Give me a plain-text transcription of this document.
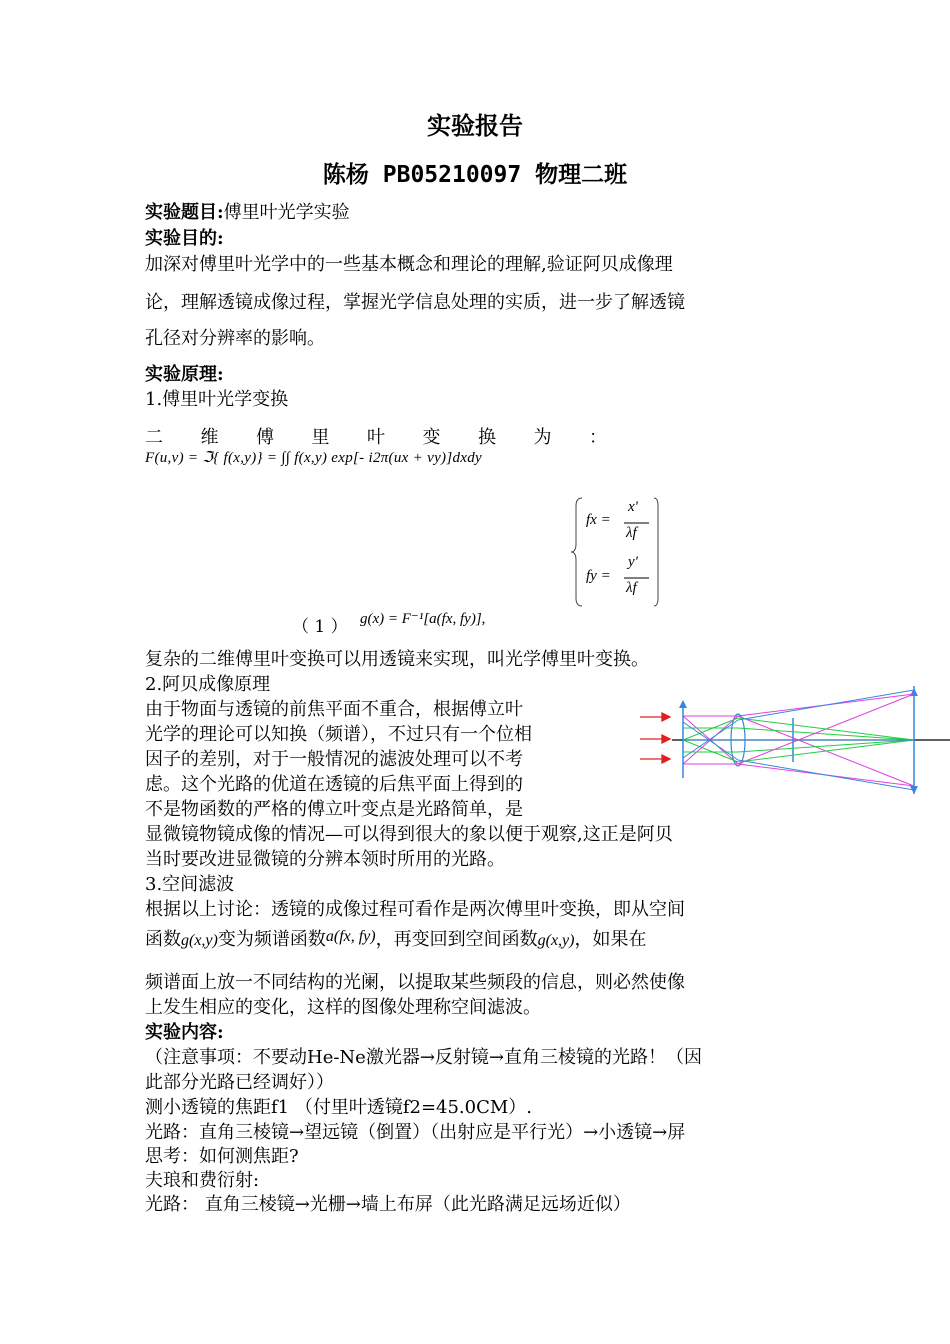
实验报告
陈杨 PB05210097 物理二班
实验题目:傅里叶光学实验
实验目的:
加深对傅里叶光学中的一些基本概念和理论的理解,验证阿贝成像理
论，理解透镜成像过程，掌握光学信息处理的实质，进一步了解透镜
孔径对分辨率的影响。
实验原理:
1.傅里叶光学变换
二 维 傅 里 叶 变 换 为 ：
F(u,v) = ℑ{ f(x,y)} = ∫∫ f(x,y) exp[- i2π(ux + vy)]dxdy
fx =
x'
λf
fy =
y'
λf
（ 1 ） g(x) = F⁻¹[a(fx, fy)],
复杂的二维傅里叶变换可以用透镜来实现，叫光学傅里叶变换。
2.阿贝成像原理
由于物面与透镜的前焦平面不重合，根据傅立叶
光学的理论可以知换（频谱），不过只有一个位相
因子的差别，对于一般情况的滤波处理可以不考
虑。这个光路的优道在透镜的后焦平面上得到的
不是物函数的严格的傅立叶变点是光路简单，是
显微镜物镜成像的情况—可以得到很大的象以便于观察,这正是阿贝
当时要改进显微镜的分辨本领时所用的光路。
3.空间滤波
根据以上讨论：透镜的成像过程可看作是两次傅里叶变换，即从空间
函数g(x,y)变为频谱函数a(fx, fy)，再变回到空间函数g(x,y)，如果在
频谱面上放一不同结构的光阑，以提取某些频段的信息，则必然使像
上发生相应的变化，这样的图像处理称空间滤波。
实验内容:
（注意事项：不要动He-Ne激光器→反射镜→直角三棱镜的光路！（因
此部分光路已经调好））
测小透镜的焦距f1 （付里叶透镜f2=45.0CM）.
光路：直角三棱镜→望远镜（倒置）（出射应是平行光）→小透镜→屏
思考：如何测焦距?
夫琅和费衍射:
光路： 直角三棱镜→光栅→墙上布屏（此光路满足远场近似）
